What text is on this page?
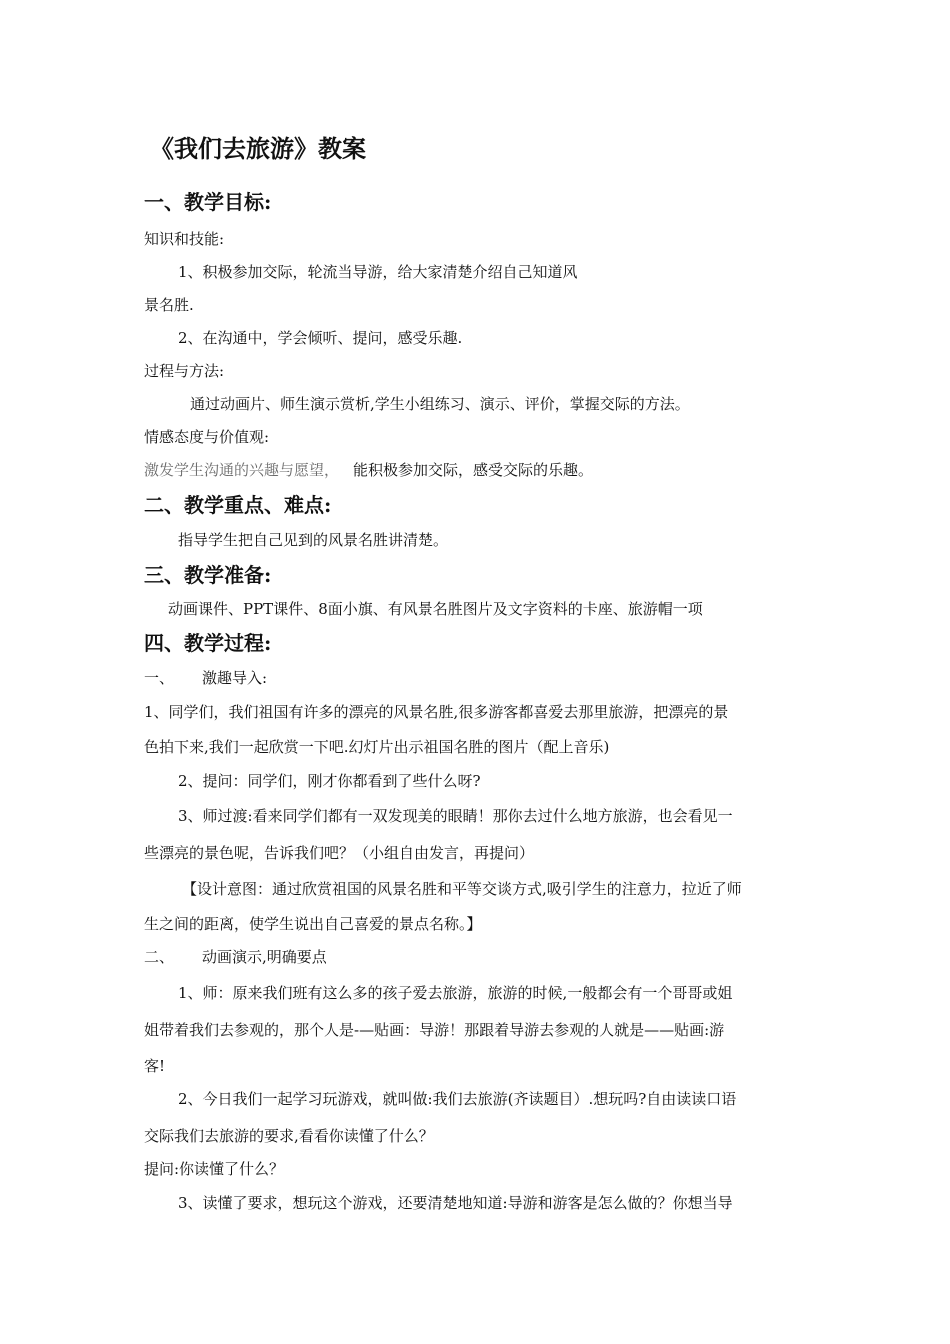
《我们去旅游》教案
一、教学目标:
知识和技能:
1、积极参加交际，轮流当导游，给大家清楚介绍自己知道风
景名胜.
2、在沟通中，学会倾听、提问，感受乐趣.
过程与方法:
通过动画片、师生演示赏析,学生小组练习、演示、评价，掌握交际的方法。
情感态度与价值观:
激发学生沟通的兴趣与愿望， 能积极参加交际，感受交际的乐趣。
二、教学重点、难点:
指导学生把自己见到的风景名胜讲清楚。
三、教学准备:
动画课件、PPT课件、8面小旗、有风景名胜图片及文字资料的卡座、旅游帽一项
四、教学过程:
一、 激趣导入:
1、同学们，我们祖国有许多的漂亮的风景名胜,很多游客都喜爱去那里旅游，把漂亮的景
色拍下来,我们一起欣赏一下吧.幻灯片出示祖国名胜的图片（配上音乐)
2、提问：同学们，刚才你都看到了些什么呀?
3、师过渡:看来同学们都有一双发现美的眼睛！那你去过什么地方旅游，也会看见一
些漂亮的景色呢，告诉我们吧？（小组自由发言，再提问）
【设计意图：通过欣赏祖国的风景名胜和平等交谈方式,吸引学生的注意力，拉近了师
生之间的距离，使学生说出自己喜爱的景点名称。】
二、 动画演示,明确要点
1、师：原来我们班有这么多的孩子爱去旅游，旅游的时候,一般都会有一个哥哥或姐
姐带着我们去参观的，那个人是-—贴画：导游！那跟着导游去参观的人就是——贴画:游
客!
2、今日我们一起学习玩游戏，就叫做:我们去旅游(齐读题目）.想玩吗?自由读读口语
交际我们去旅游的要求,看看你读懂了什么？
提问:你读懂了什么？
3、读懂了要求，想玩这个游戏，还要清楚地知道:导游和游客是怎么做的？你想当导
